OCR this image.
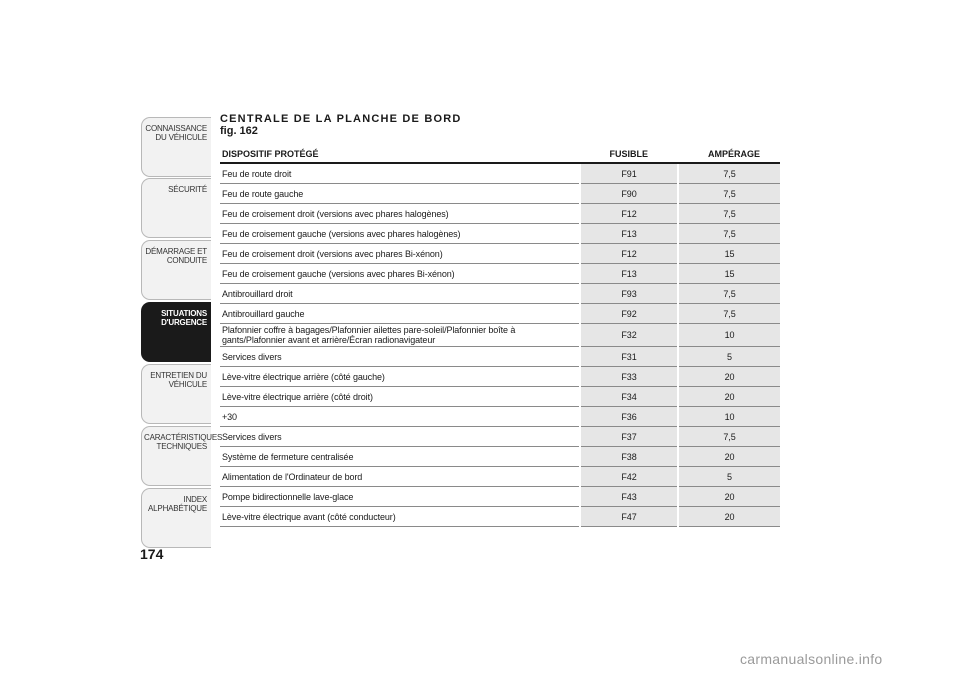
CONNAISSANCE DU VÉHICULE
SÉCURITÉ
DÉMARRAGE ET CONDUITE
SITUATIONS D'URGENCE
ENTRETIEN DU VÉHICULE
CARACTÉRISTIQUES TECHNIQUES
INDEX ALPHABÉTIQUE
174
CENTRALE DE LA PLANCHE DE BORD
fig. 162
DISPOSITIF PROTÉGÉ	FUSIBLE	AMPÉRAGE
Feu de route droit	F91	7,5
Feu de route gauche	F90	7,5
Feu de croisement droit (versions avec phares halogènes)	F12	7,5
Feu de croisement gauche (versions avec phares halogènes)	F13	7,5
Feu de croisement droit (versions avec phares Bi-xénon)	F12	15
Feu de croisement gauche (versions avec phares Bi-xénon)	F13	15
Antibrouillard droit	F93	7,5
Antibrouillard gauche	F92	7,5
Plafonnier coffre à bagages/Plafonnier ailettes pare-soleil/Plafonnier boîte à gants/Plafonnier avant et arrière/Écran radionavigateur	F32	10
Services divers	F31	5
Lève-vitre électrique arrière (côté gauche)	F33	20
Lève-vitre électrique arrière (côté droit)	F34	20
+30	F36	10
Services divers	F37	7,5
Système de fermeture centralisée	F38	20
Alimentation de l'Ordinateur de bord	F42	5
Pompe bidirectionnelle lave-glace	F43	20
Lève-vitre électrique avant (côté conducteur)	F47	20
carmanualsonline.info
